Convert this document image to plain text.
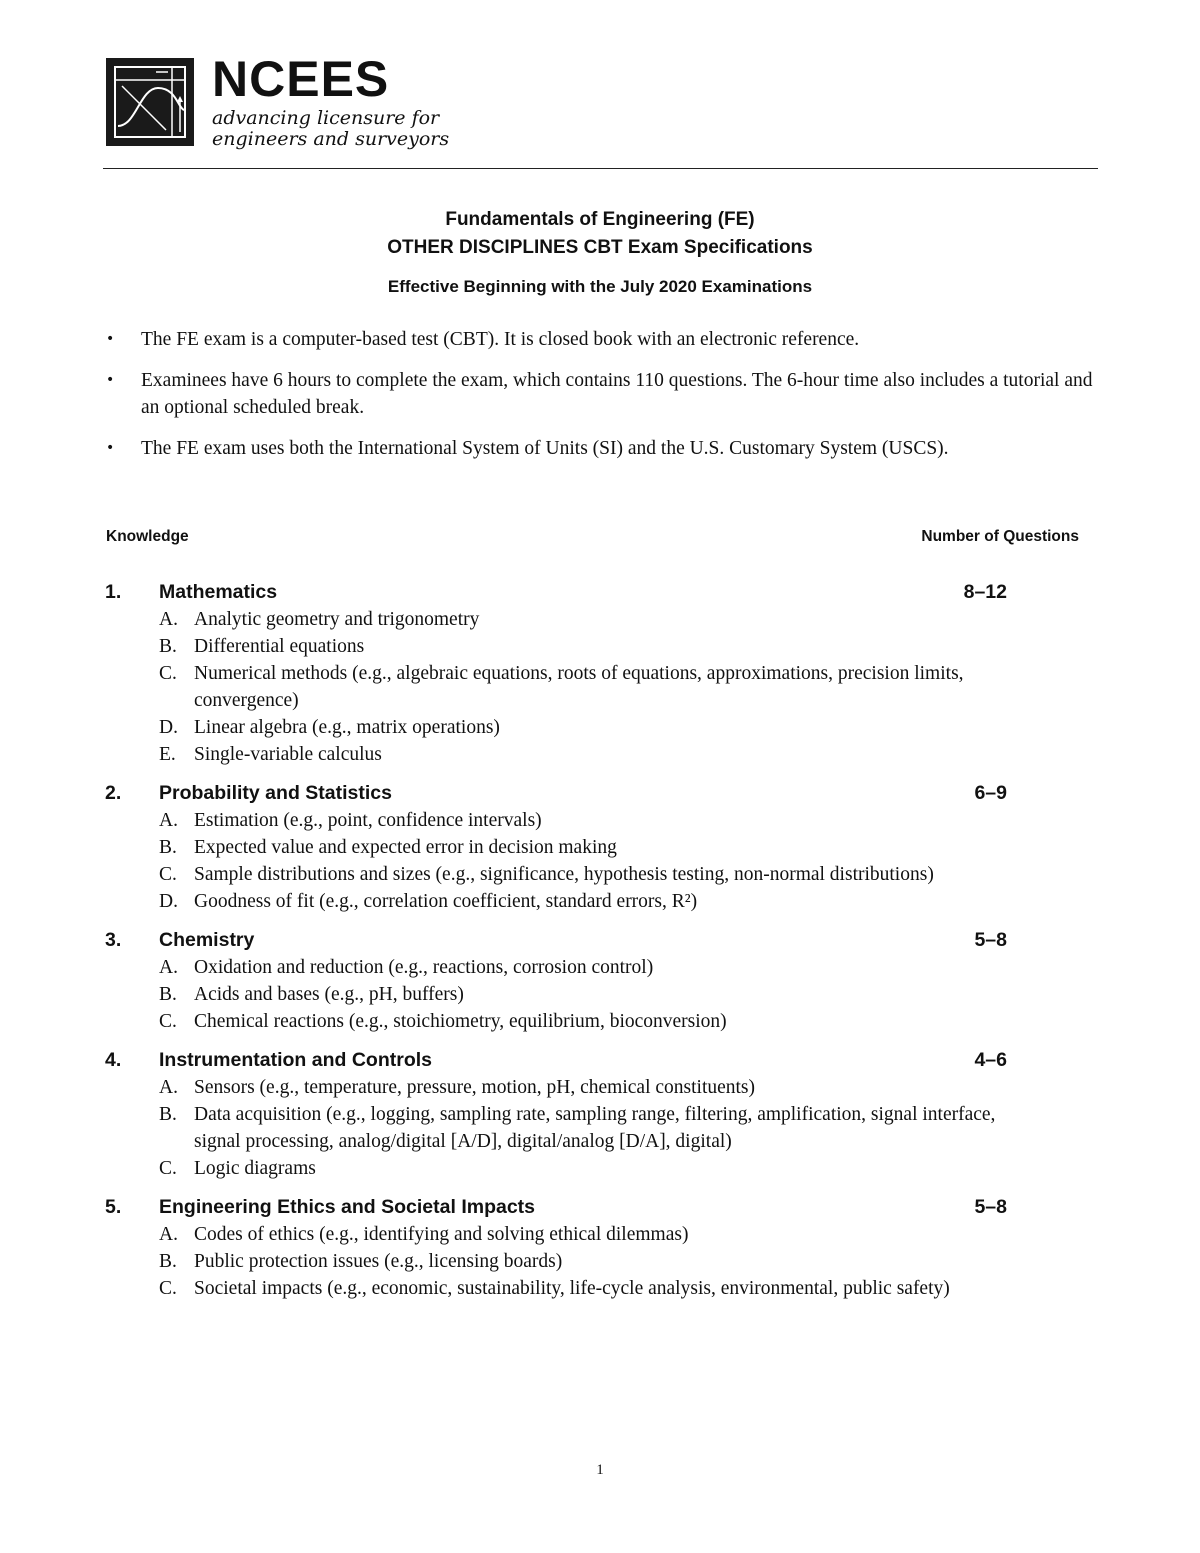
NCEES
advancing licensure for engineers and surveyors
Fundamentals of Engineering (FE)
OTHER DISCIPLINES CBT Exam Specifications
Effective Beginning with the July 2020 Examinations
• The FE exam is a computer-based test (CBT). It is closed book with an electronic reference.
• Examinees have 6 hours to complete the exam, which contains 110 questions. The 6-hour time also includes a tutorial and an optional scheduled break.
• The FE exam uses both the International System of Units (SI) and the U.S. Customary System (USCS).
Knowledge	Number of Questions
1. Mathematics	8–12
A. Analytic geometry and trigonometry
B. Differential equations
C. Numerical methods (e.g., algebraic equations, roots of equations, approximations, precision limits, convergence)
D. Linear algebra (e.g., matrix operations)
E. Single-variable calculus
2. Probability and Statistics	6–9
A. Estimation (e.g., point, confidence intervals)
B. Expected value and expected error in decision making
C. Sample distributions and sizes (e.g., significance, hypothesis testing, non-normal distributions)
D. Goodness of fit (e.g., correlation coefficient, standard errors, R²)
3. Chemistry	5–8
A. Oxidation and reduction (e.g., reactions, corrosion control)
B. Acids and bases (e.g., pH, buffers)
C. Chemical reactions (e.g., stoichiometry, equilibrium, bioconversion)
4. Instrumentation and Controls	4–6
A. Sensors (e.g., temperature, pressure, motion, pH, chemical constituents)
B. Data acquisition (e.g., logging, sampling rate, sampling range, filtering, amplification, signal interface, signal processing, analog/digital [A/D], digital/analog [D/A], digital)
C. Logic diagrams
5. Engineering Ethics and Societal Impacts	5–8
A. Codes of ethics (e.g., identifying and solving ethical dilemmas)
B. Public protection issues (e.g., licensing boards)
C. Societal impacts (e.g., economic, sustainability, life-cycle analysis, environmental, public safety)
1
